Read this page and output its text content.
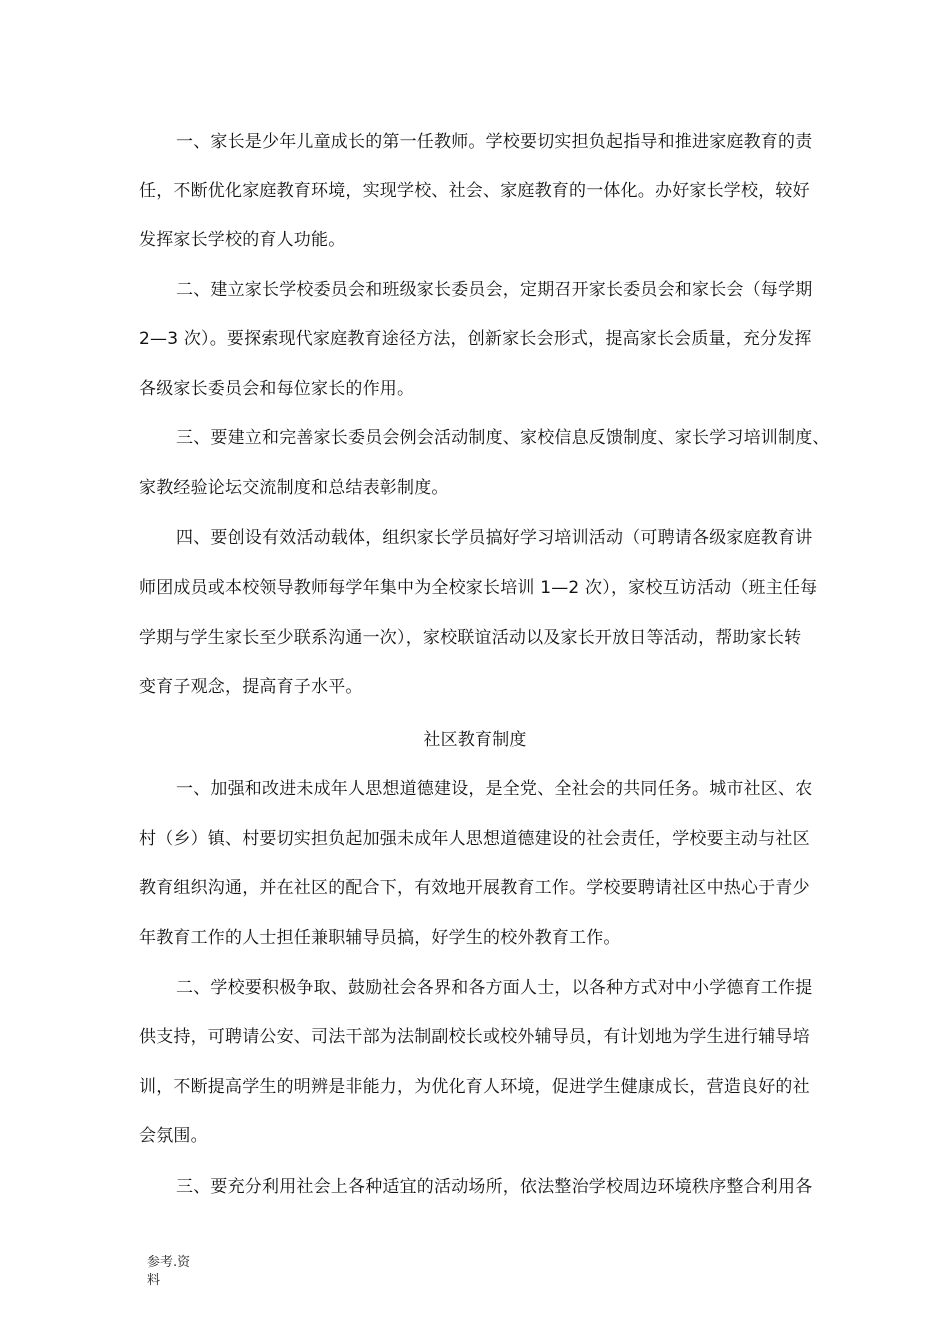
一、家长是少年儿童成长的第一任教师。学校要切实担负起指导和推进家庭教育的责
任，不断优化家庭教育环境，实现学校、社会、家庭教育的一体化。办好家长学校，较好
发挥家长学校的育人功能。
二、建立家长学校委员会和班级家长委员会，定期召开家长委员会和家长会（每学期
2—3 次）。要探索现代家庭教育途径方法，创新家长会形式，提高家长会质量，充分发挥
各级家长委员会和每位家长的作用。
三、要建立和完善家长委员会例会活动制度、家校信息反馈制度、家长学习培训制度、
家教经验论坛交流制度和总结表彰制度。
四、要创设有效活动载体，组织家长学员搞好学习培训活动（可聘请各级家庭教育讲
师团成员或本校领导教师每学年集中为全校家长培训 1—2 次），家校互访活动（班主任每
学期与学生家长至少联系沟通一次），家校联谊活动以及家长开放日等活动，帮助家长转
变育子观念，提高育子水平。
社区教育制度
一、加强和改进未成年人思想道德建设，是全党、全社会的共同任务。城市社区、农
村（乡）镇、村要切实担负起加强未成年人思想道德建设的社会责任，学校要主动与社区
教育组织沟通，并在社区的配合下，有效地开展教育工作。学校要聘请社区中热心于青少
年教育工作的人士担任兼职辅导员搞，好学生的校外教育工作。
二、学校要积极争取、鼓励社会各界和各方面人士，以各种方式对中小学德育工作提
供支持，可聘请公安、司法干部为法制副校长或校外辅导员，有计划地为学生进行辅导培
训，不断提高学生的明辨是非能力，为优化育人环境，促进学生健康成长，营造良好的社
会氛围。
三、要充分利用社会上各种适宜的活动场所，依法整治学校周边环境秩序整合利用各
参考.资
料
